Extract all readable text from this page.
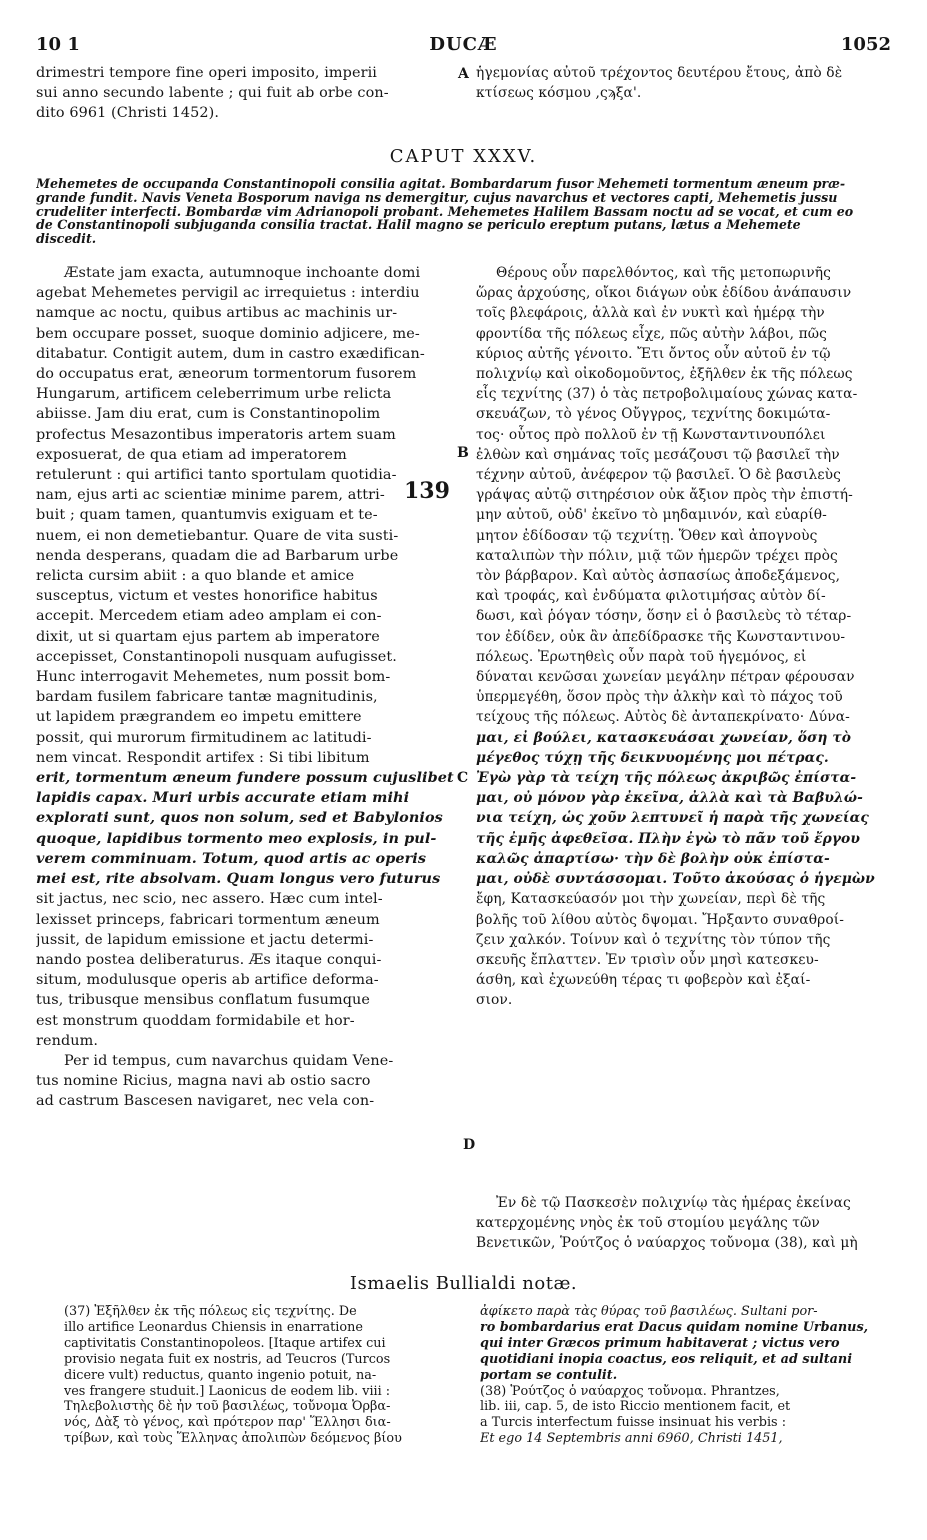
10 1	DUCÆ	1052
drimestri tempore fine operi imposito, imperii
sui anno secundo labente ; qui fuit ab orbe con-
dito 6961 (Christi 1452).
A ἡγεμονίας αὐτοῦ τρέχοντος δευτέρου ἔτους, ἀπὸ δὲ
κτίσεως κόσμου ,ςϡξα'.
CAPUT XXXV.
Mehemetes de occupanda Constantinopoli consilia agitat. Bombardarum fusor Mehemeti tormentum æneum præ-
grande fundit. Navis Veneta Bosporum naviga ns demergitur, cujus navarchus et vectores capti, Mehemetis jussu
crudeliter interfecti. Bombardæ vim Adrianopoli probant. Mehemetes Halilem Bassam noctu ad se vocat, et cum eo
de Constantinopoli subjuganda consilia tractat. Halil magno se periculo ereptum putans, lætus a Mehemete
discedit.
Æstate jam exacta, autumnoque inchoante domi
agebat Mehemetes pervigil ac irrequietus : interdiu
namque ac noctu, quibus artibus ac machinis ur-
bem occupare posset, suoque dominio adjicere, me-
ditabatur. Contigit autem, dum in castro exædifican-
do occupatus erat, æneorum tormentorum fusorem
Hungarum, artificem celeberrimum urbe relicta
abiisse. Jam diu erat, cum is Constantinopolim
profectus Mesazontibus imperatoris artem suam
exposuerat, de qua etiam ad imperatorem
retulerunt : qui artifici tanto sportulam quotidia-
nam, ejus arti ac scientiæ minime parem, attri-
buit ; quam tamen, quantumvis exiguam et te-
nuem, ei non demetiebantur. Quare de vita susti-
nenda desperans, quadam die ad Barbarum urbe
relicta cursim abiit : a quo blande et amice
susceptus, victum et vestes honorifice habitus
accepit. Mercedem etiam adeo amplam ei con-
dixit, ut si quartam ejus partem ab imperatore
accepisset, Constantinopoli nusquam aufugisset.
Hunc interrogavit Mehemetes, num possit bom-
bardam fusilem fabricare tantæ magnitudinis,
ut lapidem prægrandem eo impetu emittere
possit, qui murorum firmitudinem ac latitudi-
nem vincat. Respondit artifex : Si tibi libitum
erit, tormentum æneum fundere possum cujuslibet
lapidis capax. Muri urbis accurate etiam mihi
explorati sunt, quos non solum, sed et Babylonios
quoque, lapidibus tormento meo explosis, in pul-
verem comminuam. Totum, quod artis ac operis
mei est, rite absolvam. Quam longus vero futurus
sit jactus, nec scio, nec assero. Hæc cum intel-
lexisset princeps, fabricari tormentum æneum
jussit, de lapidum emissione et jactu determi-
nando postea deliberaturus. Æs itaque conqui-
situm, modulusque operis ab artifice deforma-
tus, tribusque mensibus conflatum fusumque
est monstrum quoddam formidabile et hor-
rendum.
Per id tempus, cum navarchus quidam Vene-
tus nomine Ricius, magna navi ab ostio sacro
ad castrum Bascesen navigaret, nec vela con-
139
B
C
D
Θέρους οὖν παρελθόντος, καὶ τῆς μετοπωρινῆς
ὥρας ἀρχούσης, οἴκοι διάγων οὐκ ἐδίδου ἀνάπαυσιν
τοῖς βλεφάροις, ἀλλὰ καὶ ἐν νυκτὶ καὶ ἡμέρᾳ τὴν
φροντίδα τῆς πόλεως εἶχε, πῶς αὐτὴν λάβοι, πῶς
κύριος αὐτῆς γένοιτο. Ἔτι ὄντος οὖν αὐτοῦ ἐν τῷ
πολιχνίῳ καὶ οἰκοδομοῦντος, ἐξῆλθεν ἐκ τῆς πόλεως
εἷς τεχνίτης (37) ὁ τὰς πετροβολιμαίους χώνας κατα-
σκευάζων, τὸ γένος Οὔγγρος, τεχνίτης δοκιμώτα-
τος· οὗτος πρὸ πολλοῦ ἐν τῇ Κωνσταντινουπόλει
ἐλθὼν καὶ σημάνας τοῖς μεσάζουσι τῷ βασιλεῖ τὴν
τέχνην αὐτοῦ, ἀνέφερον τῷ βασιλεῖ. Ὁ δὲ βασιλεὺς
γράψας αὐτῷ σιτηρέσιον οὐκ ἄξιον πρὸς τὴν ἐπιστή-
μην αὐτοῦ, οὐδ' ἐκεῖνο τὸ μηδαμινόν, καὶ εὐαρίθ-
μητον ἐδίδοσαν τῷ τεχνίτῃ. Ὅθεν καὶ ἀπογνοὺς
καταλιπὼν τὴν πόλιν, μιᾷ τῶν ἡμερῶν τρέχει πρὸς
τὸν βάρβαρον. Καὶ αὐτὸς ἀσπασίως ἀποδεξάμενος,
καὶ τροφάς, καὶ ἐνδύματα φιλοτιμήσας αὐτὸν δί-
δωσι, καὶ ῥόγαν τόσην, ὅσην εἰ ὁ βασιλεὺς τὸ τέταρ-
τον ἐδίδεν, οὐκ ἂν ἀπεδίδρασκε τῆς Κωνσταντινου-
πόλεως. Ἐρωτηθεὶς οὖν παρὰ τοῦ ἡγεμόνος, εἰ
δύναται κενῶσαι χωνείαν μεγάλην πέτραν φέρουσαν
ὑπερμεγέθη, ὅσον πρὸς τὴν ἀλκὴν καὶ τὸ πάχος τοῦ
τείχους τῆς πόλεως. Αὐτὸς δὲ ἀνταπεκρίνατο· Δύνα-
μαι, εἰ βούλει, κατασκευάσαι χωνείαν, ὅση τὸ
μέγεθος τύχῃ τῆς δεικνυομένης μοι πέτρας.
Ἐγὼ γὰρ τὰ τείχη τῆς πόλεως ἀκριβῶς ἐπίστα-
μαι, οὐ μόνον γὰρ ἐκεῖνα, ἀλλὰ καὶ τὰ Βαβυλώ-
νια τείχη, ὡς χοῦν λεπτυνεῖ ἡ παρὰ τῆς χωνείας
τῆς ἐμῆς ἀφεθεῖσα. Πλὴν ἐγὼ τὸ πᾶν τοῦ ἔργου
καλῶς ἀπαρτίσω· τὴν δὲ βολὴν οὐκ ἐπίστα-
μαι, οὐδὲ συντάσσομαι. Τοῦτο ἀκούσας ὁ ἡγεμὼν
ἔφη, Κατασκεύασόν μοι τὴν χωνείαν, περὶ δὲ τῆς
βολῆς τοῦ λίθου αὐτὸς δψομαι. Ἤρξαντο συναθροί-
ζειν χαλκόν. Τοίνυν καὶ ὁ τεχνίτης τὸν τύπον τῆς
σκευῆς ἔπλαττεν. Ἐν τρισὶν οὖν μησὶ κατεσκευ-
άσθη, καὶ ἐχωνεύθη τέρας τι φοβερὸν καὶ ἐξαί-
σιον.
Ἐν δὲ τῷ Πασκεσὲν πολιχνίῳ τὰς ἡμέρας ἐκείνας
κατερχομένης νηὸς ἐκ τοῦ στομίου μεγάλης τῶν
Βενετικῶν, Ῥούτζος ὁ ναύαρχος τοὔνομα (38), καὶ μὴ
Ismaelis Bullialdi notæ.
(37) Ἐξῆλθεν ἐκ τῆς πόλεως εἷς τεχνίτης. De
illo artifice Leonardus Chiensis in enarratione
captivitatis Constantinopoleos. [Itaque artifex cui
provisio negata fuit ex nostris, ad Teucros (Turcos
dicere vult) reductus, quanto ingenio potuit, na-
ves frangere studuit.] Laonicus de eodem lib. viii :
Τηλεβολιστὴς δὲ ἦν τοῦ βασιλέως, τοὔνομα Ὀρβα-
νός, Δὰξ τὸ γένος, καὶ πρότερον παρ' Ἕλλησι δια-
τρίβων, καὶ τοὺς Ἕλληνας ἀπολιπὼν δεόμενος βίου
ἀφίκετο παρὰ τὰς θύρας τοῦ βασιλέως. Sultani por-
ro bombardarius erat Dacus quidam nomine Urbanus,
qui inter Græcos primum habitaverat ; victus vero
quotidiani inopia coactus, eos reliquit, et ad sultani
portam se contulit.
(38) Ῥούτζος ὁ ναύαρχος τοὔνομα. Phrantzes,
lib. iii, cap. 5, de isto Riccio mentionem facit, et
a Turcis interfectum fuisse insinuat his verbis :
Et ego 14 Septembris anni 6960, Christi 1451,
